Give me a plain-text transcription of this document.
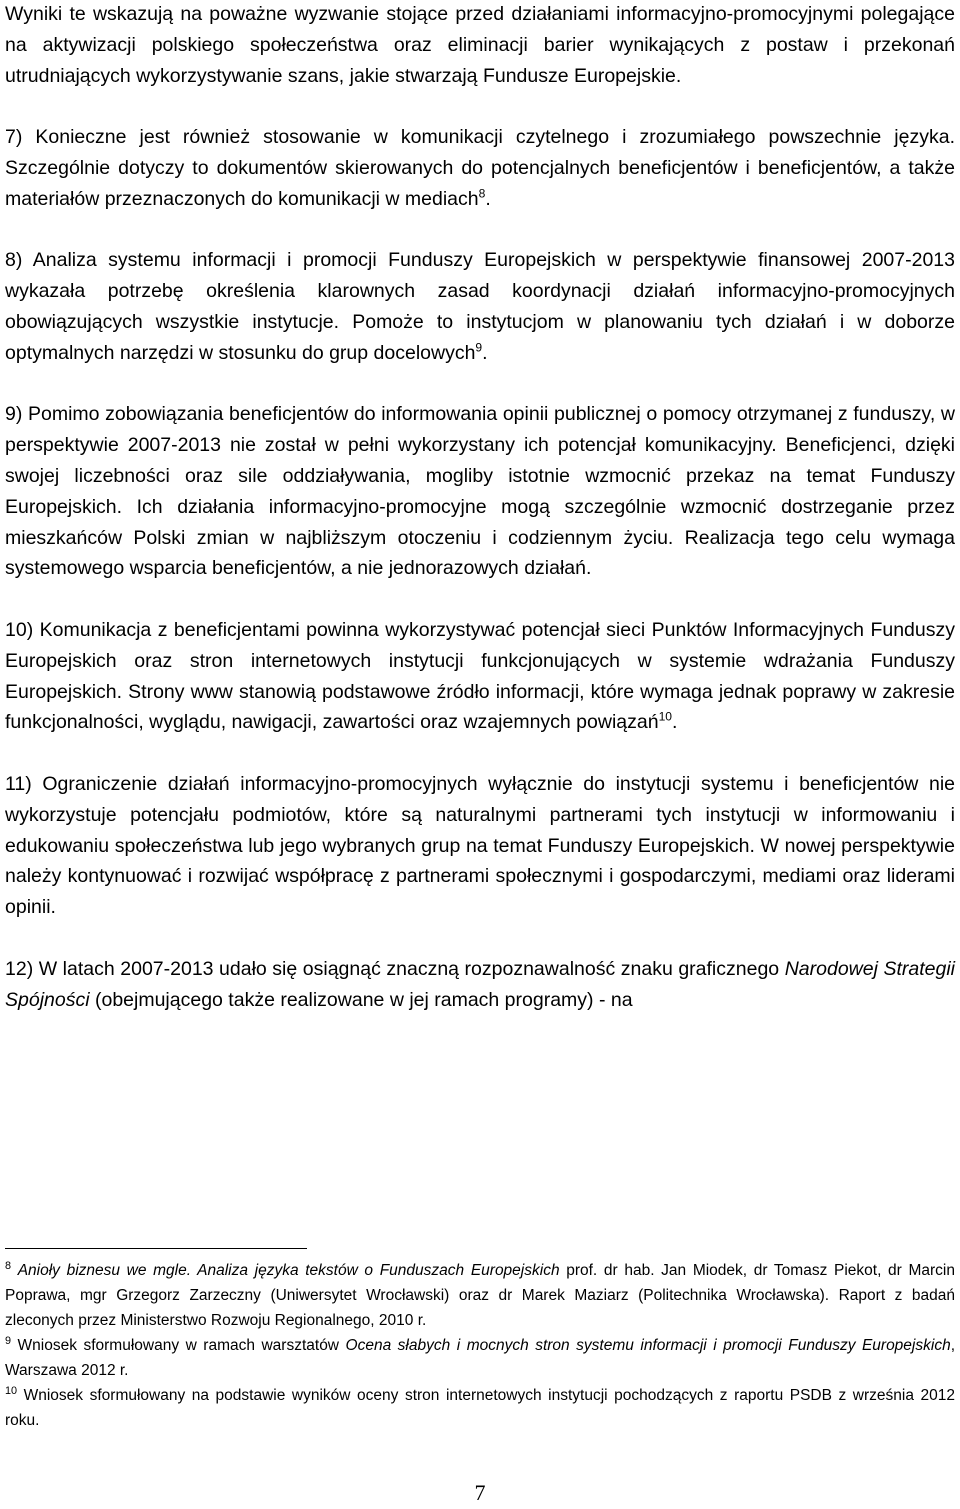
Wyniki te wskazują na poważne wyzwanie stojące przed działaniami informacyjno-promocyjnymi polegające na aktywizacji polskiego społeczeństwa oraz eliminacji barier wynikających z postaw i przekonań utrudniających wykorzystywanie szans, jakie stwarzają Fundusze Europejskie.

7) Konieczne jest również stosowanie w komunikacji czytelnego i zrozumiałego powszechnie języka. Szczególnie dotyczy to dokumentów skierowanych do potencjalnych beneficjentów i beneficjentów, a także materiałów przeznaczonych do komunikacji w mediach$^8$.

8) Analiza systemu informacji i promocji Funduszy Europejskich w perspektywie finansowej 2007-2013 wykazała potrzebę określenia klarownych zasad koordynacji działań informacyjno-promocyjnych obowiązujących wszystkie instytucje. Pomoże to instytucjom w planowaniu tych działań i w doborze optymalnych narzędzi w stosunku do grup docelowych$^9$.

9) Pomimo zobowiązania beneficjentów do informowania opinii publicznej o pomocy otrzymanej z funduszy, w perspektywie 2007-2013 nie został w pełni wykorzystany ich potencjał komunikacyjny. Beneficjenci, dzięki swojej liczebności oraz sile oddziaływania, mogliby istotnie wzmocnić przekaz na temat Funduszy Europejskich. Ich działania informacyjno-promocyjne mogą szczególnie wzmocnić dostrzeganie przez mieszkańców Polski zmian w najbliższym otoczeniu i codziennym życiu. Realizacja tego celu wymaga systemowego wsparcia beneficjentów, a nie jednorazowych działań.

10) Komunikacja z beneficjentami powinna wykorzystywać potencjał sieci Punktów Informacyjnych Funduszy Europejskich oraz stron internetowych instytucji funkcjonujących w systemie wdrażania Funduszy Europejskich. Strony www stanowią podstawowe źródło informacji, które wymaga jednak poprawy w zakresie funkcjonalności, wyglądu, nawigacji, zawartości oraz wzajemnych powiązań$^{10}$.

11) Ograniczenie działań informacyjno-promocyjnych wyłącznie do instytucji systemu i beneficjentów nie wykorzystuje potencjału podmiotów, które są naturalnymi partnerami tych instytucji w informowaniu i edukowaniu społeczeństwa lub jego wybranych grup na temat Funduszy Europejskich. W nowej perspektywie należy kontynuować i rozwijać współpracę z partnerami społecznymi i gospodarczymi, mediami oraz liderami opinii.

12) W latach 2007-2013 udało się osiągnąć znaczną rozpoznawalność znaku graficznego Narodowej Strategii Spójności (obejmującego także realizowane w jej ramach programy) - na

$^8$ Anioły biznesu we mgle. Analiza języka tekstów o Funduszach Europejskich prof. dr hab. Jan Miodek, dr Tomasz Piekot, dr Marcin Poprawa, mgr Grzegorz Zarzeczny (Uniwersytet Wrocławski) oraz dr Marek Maziarz (Politechnika Wrocławska). Raport z badań zleconych przez Ministerstwo Rozwoju Regionalnego, 2010 r.

$^9$ Wniosek sformułowany w ramach warsztatów Ocena słabych i mocnych stron systemu informacji i promocji Funduszy Europejskich, Warszawa 2012 r.

$^{10}$ Wniosek sformułowany na podstawie wyników oceny stron internetowych instytucji pochodzących z raportu PSDB z września 2012 roku.

7
